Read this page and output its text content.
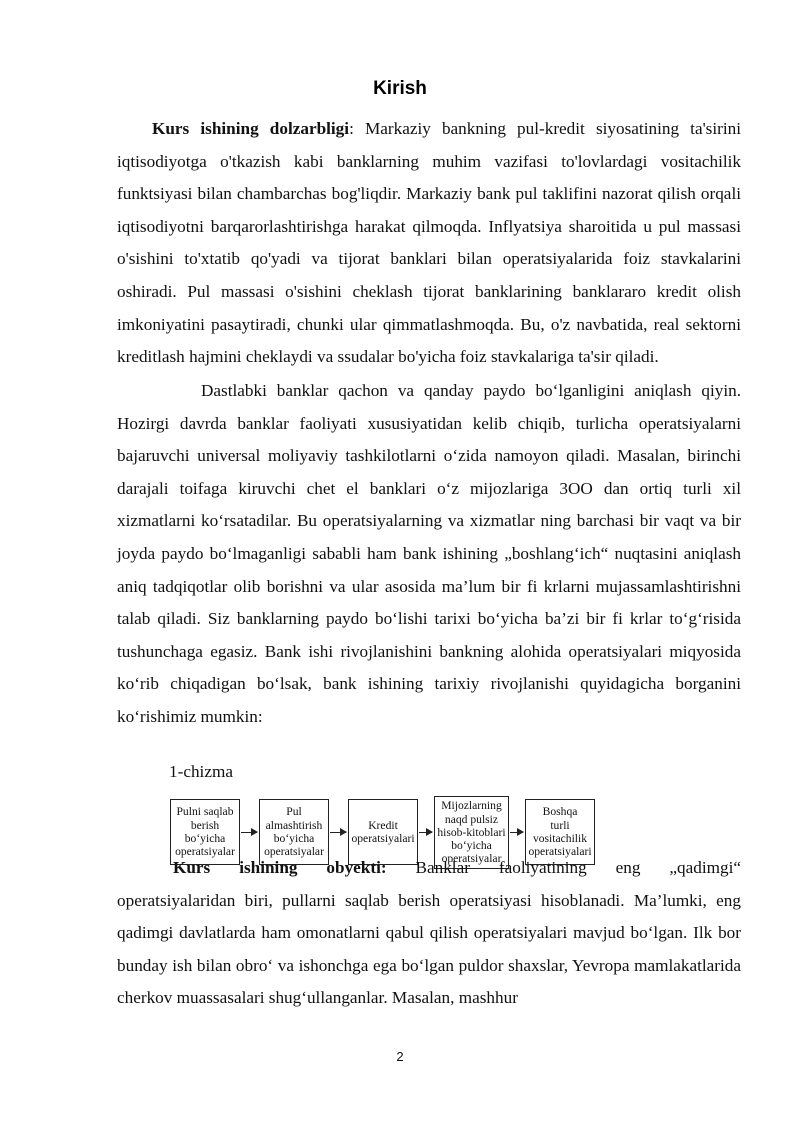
Kirish
Kurs ishining dolzarbligi: Markaziy bankning pul-kredit siyosatining ta'sirini iqtisodiyotga o'tkazish kabi banklarning muhim vazifasi to'lovlardagi vositachilik funktsiyasi bilan chambarchas bog'liqdir. Markaziy bank pul taklifini nazorat qilish orqali iqtisodiyotni barqarorlashtirishga harakat qilmoqda. Inflyatsiya sharoitida u pul massasi o'sishini to'xtatib qo'yadi va tijorat banklari bilan operatsiyalarida foiz stavkalarini oshiradi. Pul massasi o'sishini cheklash tijorat banklarining banklararo kredit olish imkoniyatini pasaytiradi, chunki ular qimmatlashmoqda. Bu, o'z navbatida, real sektorni kreditlash hajmini cheklaydi va ssudalar bo'yicha foiz stavkalariga ta'sir qiladi.
Dastlabki banklar qachon va qanday paydo bo‘lganligini aniqlash qiyin. Hozirgi davrda banklar faoliyati xususiyatidan kelib chiqib, turlicha operatsiyalarni bajaruvchi universal moliyaviy tashkilotlarni o‘zida namoyon qiladi. Masalan, birinchi darajali toifaga kiruvchi chet el banklari o‘z mijozlariga 3OO dan ortiq turli xil xizmatlarni ko‘rsatadilar. Bu operatsiyalarning va xizmatlar ning barchasi bir vaqt va bir joyda paydo bo‘lmaganligi sababli ham bank ishining „boshlang‘ich“ nuqtasini aniqlash aniq tadqiqotlar olib borishni va ular asosida ma’lum bir fi krlarni mujassamlashtirishni talab qiladi. Siz banklarning paydo bo‘lishi tarixi bo‘yicha ba’zi bir fi krlar to‘g‘risida tushunchaga egasiz. Bank ishi rivojlanishini bankning alohida operatsiyalari miqyosida ko‘rib chiqadigan bo‘lsak, bank ishining tarixiy rivojlanishi quyidagicha borganini ko‘rishimiz mumkin:
1-chizma
Pulni saqlab
berish
bo‘yicha
operatsiyalar
Pul
almashtirish
bo‘yicha
operatsiyalar
Kredit
operatsiyalari
Mijozlarning
naqd pulsiz
hisob-kitoblari
bo‘yicha
operatsiyalar
Boshqa
turli
vositachilik
operatsiyalari
Kurs ishining obyekti: Banklar faoliyatining eng „qadimgi“
operatsiyalaridan biri, pullarni saqlab berish operatsiyasi hisoblanadi. Ma’lumki, eng qadimgi davlatlarda ham omonatlarni qabul qilish operatsiyalari mavjud bo‘lgan. Ilk bor bunday ish bilan obro‘ va ishonchga ega bo‘lgan puldor shaxslar, Yevropa mamlakatlarida cherkov muassasalari shug‘ullanganlar. Masalan, mashhur
2
